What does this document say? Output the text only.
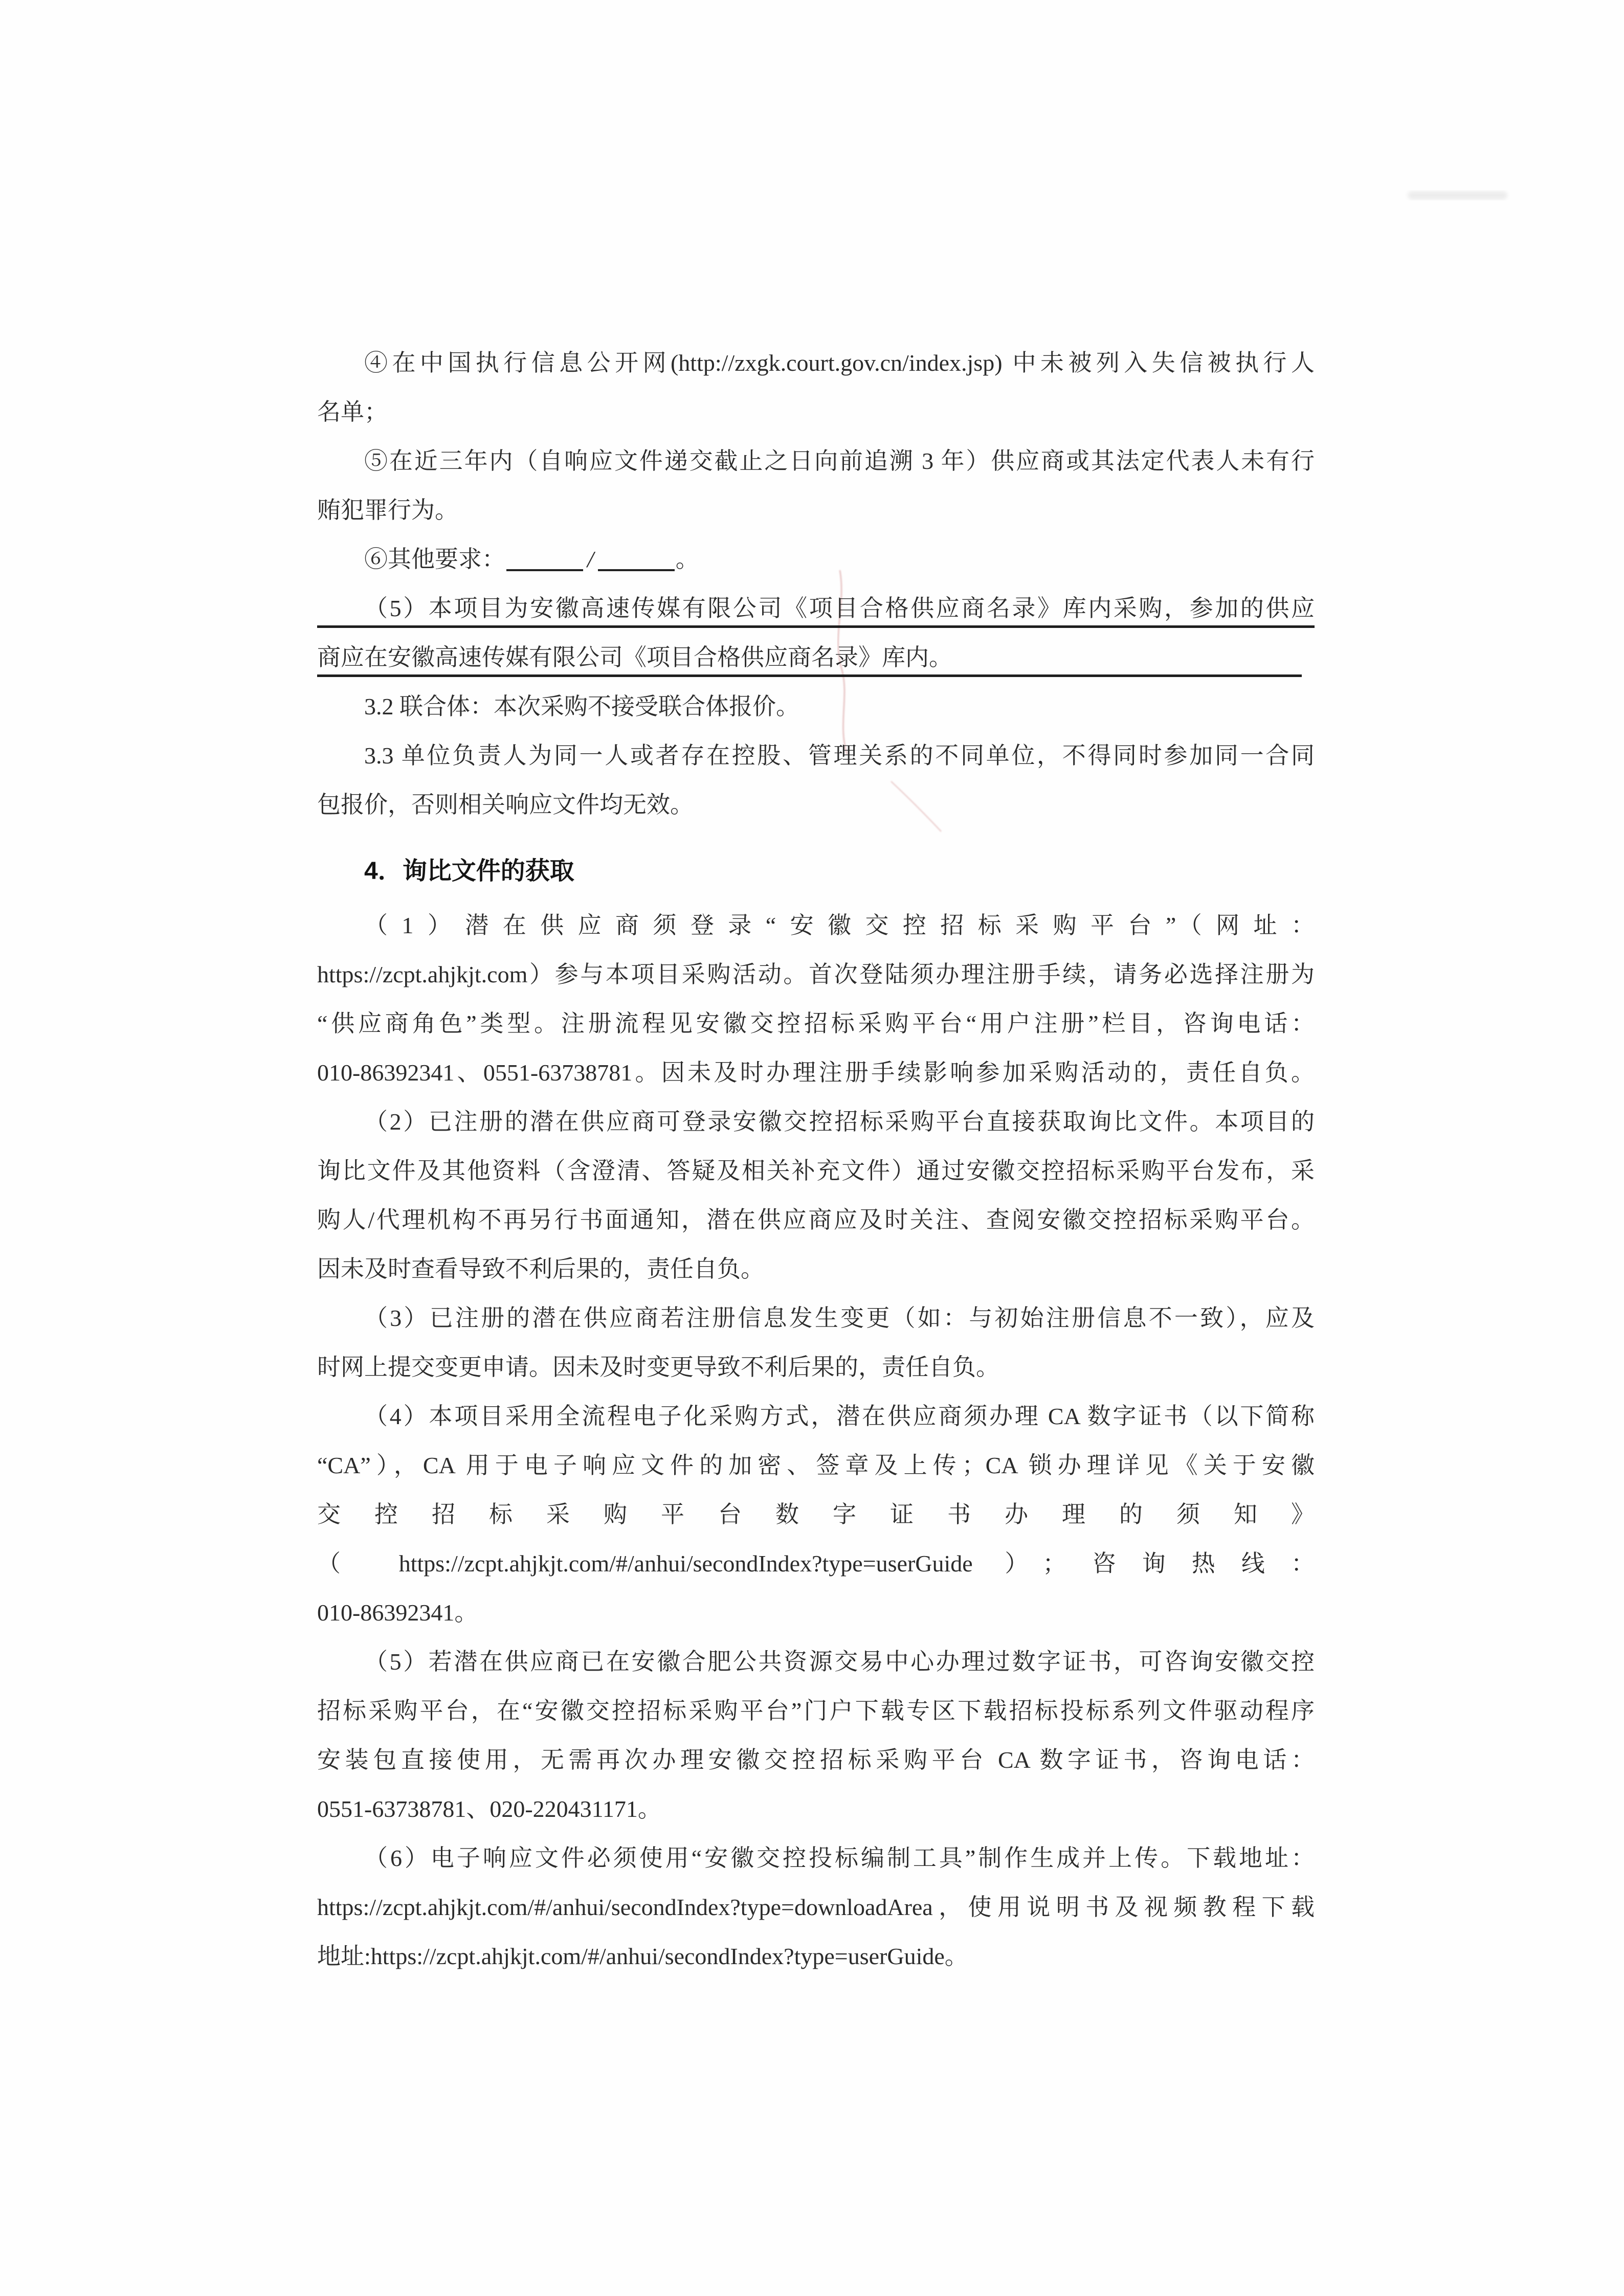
④在中国执行信息公开网(http://zxgk.court.gov.cn/index.jsp) 中未被列入失信被执行人
名单；
⑤在近三年内（自响应文件递交截止之日向前追溯 3 年）供应商或其法定代表人未有行
贿犯罪行为。
⑥其他要求：	/	。
（5）本项目为安徽高速传媒有限公司《项目合格供应商名录》库内采购，参加的供应
商应在安徽高速传媒有限公司《项目合格供应商名录》库内。
3.2 联合体：本次采购不接受联合体报价。
3.3 单位负责人为同一人或者存在控股、管理关系的不同单位，不得同时参加同一合同
包报价，否则相关响应文件均无效。
4．询比文件的获取
（1）潜在供应商须登录“安徽交控招标采购平台”（网址：
https://zcpt.ahjkjt.com）参与本项目采购活动。首次登陆须办理注册手续，请务必选择注册为
“供应商角色”类型。注册流程见安徽交控招标采购平台“用户注册”栏目，咨询电话：
010-86392341、0551-63738781。因未及时办理注册手续影响参加采购活动的，责任自负。
（2）已注册的潜在供应商可登录安徽交控招标采购平台直接获取询比文件。本项目的
询比文件及其他资料（含澄清、答疑及相关补充文件）通过安徽交控招标采购平台发布，采
购人/代理机构不再另行书面通知，潜在供应商应及时关注、查阅安徽交控招标采购平台。
因未及时查看导致不利后果的，责任自负。
（3）已注册的潜在供应商若注册信息发生变更（如：与初始注册信息不一致），应及
时网上提交变更申请。因未及时变更导致不利后果的，责任自负。
（4）本项目采用全流程电子化采购方式，潜在供应商须办理 CA 数字证书（以下简称
“CA”），CA 用于电子响应文件的加密、签章及上传；CA 锁办理详见《关于安徽
交控招标采购平台数字证书办理的须知》
（ https://zcpt.ahjkjt.com/#/anhui/secondIndex?type=userGuide ）；咨询热线：
010-86392341。
（5）若潜在供应商已在安徽合肥公共资源交易中心办理过数字证书，可咨询安徽交控
招标采购平台，在“安徽交控招标采购平台”门户下载专区下载招标投标系列文件驱动程序
安装包直接使用，无需再次办理安徽交控招标采购平台 CA 数字证书，咨询电话：
0551-63738781、020-220431171。
（6）电子响应文件必须使用“安徽交控投标编制工具”制作生成并上传。下载地址：
https://zcpt.ahjkjt.com/#/anhui/secondIndex?type=downloadArea，使用说明书及视频教程下载
地址:https://zcpt.ahjkjt.com/#/anhui/secondIndex?type=userGuide。
